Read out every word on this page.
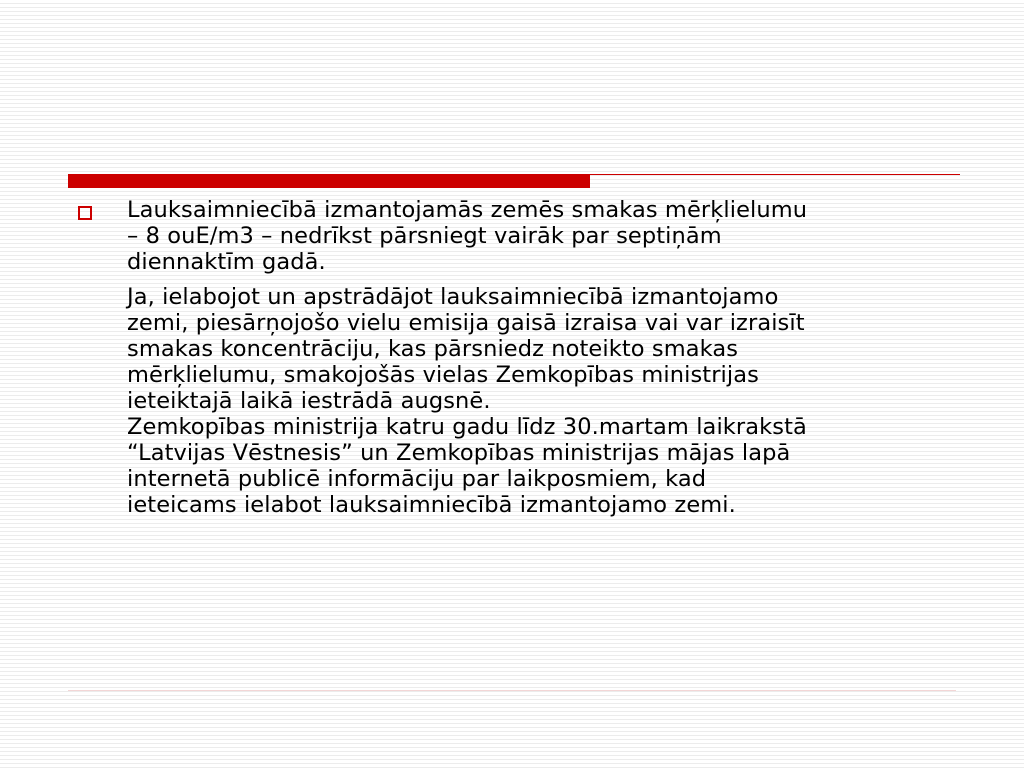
Lauksaimniecībā izmantojamās zemēs smakas mērķlielumu
– 8 ouE/m3 – nedrīkst pārsniegt vairāk par septiņām
diennaktīm gadā.

Ja, ielabojot un apstrādājot lauksaimniecībā izmantojamo
zemi, piesārņojošo vielu emisija gaisā izraisa vai var izraisīt
smakas koncentrāciju, kas pārsniedz noteikto smakas
mērķlielumu, smakojošās vielas Zemkopības ministrijas
ieteiktajā laikā iestrādā augsnē.
Zemkopības ministrija katru gadu līdz 30.martam laikrakstā
“Latvijas Vēstnesis” un Zemkopības ministrijas mājas lapā
internetā publicē informāciju par laikposmiem, kad
ieteicams ielabot lauksaimniecībā izmantojamo zemi.
